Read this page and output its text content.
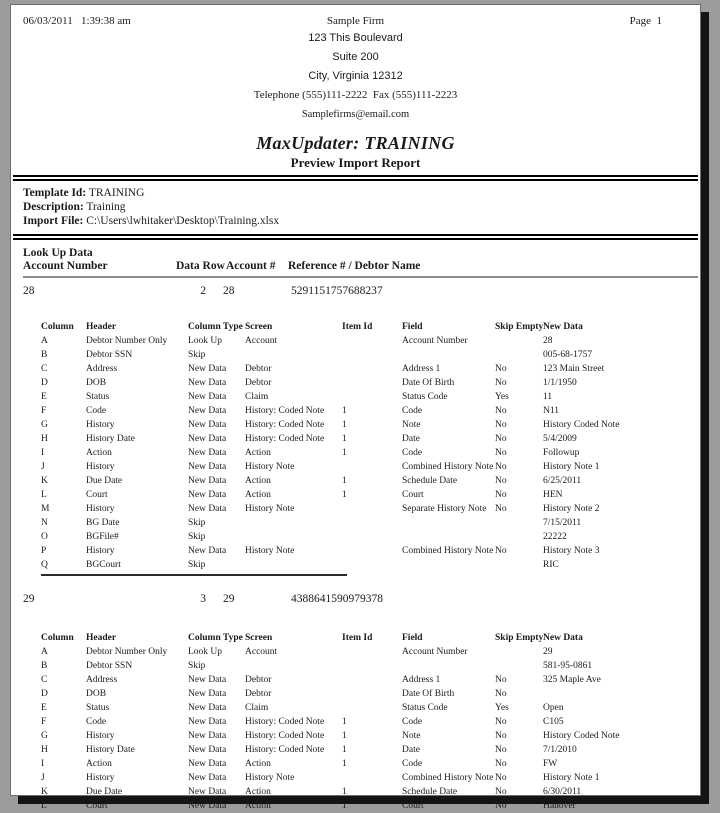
06/03/2011   1:39:38 am	Sample Firm	Page  1
123 This Boulevard
Suite 200
City, Virginia 12312
Telephone (555)111-2222  Fax (555)111-2223
Samplefirms@email.com
MaxUpdater: TRAINING
Preview Import Report
Template Id: TRAINING
Description: Training
Import File: C:\Users\lwhitaker\Desktop\Training.xlsx
Look Up Data
Account Number	Data Row Account # Reference # / Debtor Name
28	2 28	5291151757688237
Column	Header	Column Type	Screen	Item Id	Field	Skip Empty	New Data
A	Debtor Number Only	Look Up	Account		Account Number		28
B	Debtor SSN	Skip					005-68-1757
C	Address	New Data	Debtor		Address 1	No	123 Main Street
D	DOB	New Data	Debtor		Date Of Birth	No	1/1/1950
E	Status	New Data	Claim		Status Code	Yes	11
F	Code	New Data	History: Coded Note	1	Code	No	N11
G	History	New Data	History: Coded Note	1	Note	No	History Coded Note
H	History Date	New Data	History: Coded Note	1	Date	No	5/4/2009
I	Action	New Data	Action	1	Code	No	Followup
J	History	New Data	History Note		Combined History Note	No	History Note 1
K	Due Date	New Data	Action	1	Schedule Date	No	6/25/2011
L	Court	New Data	Action	1	Court	No	HEN
M	History	New Data	History Note		Separate History Note	No	History Note 2
N	BG Date	Skip					7/15/2011
O	BGFile#	Skip					22222
P	History	New Data	History Note		Combined History Note	No	History Note 3
Q	BGCourt	Skip					RIC
29	3 29	4388641590979378
Column	Header	Column Type	Screen	Item Id	Field	Skip Empty	New Data
A	Debtor Number Only	Look Up	Account		Account Number		29
B	Debtor SSN	Skip					581-95-0861
C	Address	New Data	Debtor		Address 1	No	325 Maple Ave
D	DOB	New Data	Debtor		Date Of Birth	No	
E	Status	New Data	Claim		Status Code	Yes	Open
F	Code	New Data	History: Coded Note	1	Code	No	C105
G	History	New Data	History: Coded Note	1	Note	No	History Coded Note
H	History Date	New Data	History: Coded Note	1	Date	No	7/1/2010
I	Action	New Data	Action	1	Code	No	FW
J	History	New Data	History Note		Combined History Note	No	History Note 1
K	Due Date	New Data	Action	1	Schedule Date	No	6/30/2011
L	Court	New Data	Action	1	Court	No	Hanover
